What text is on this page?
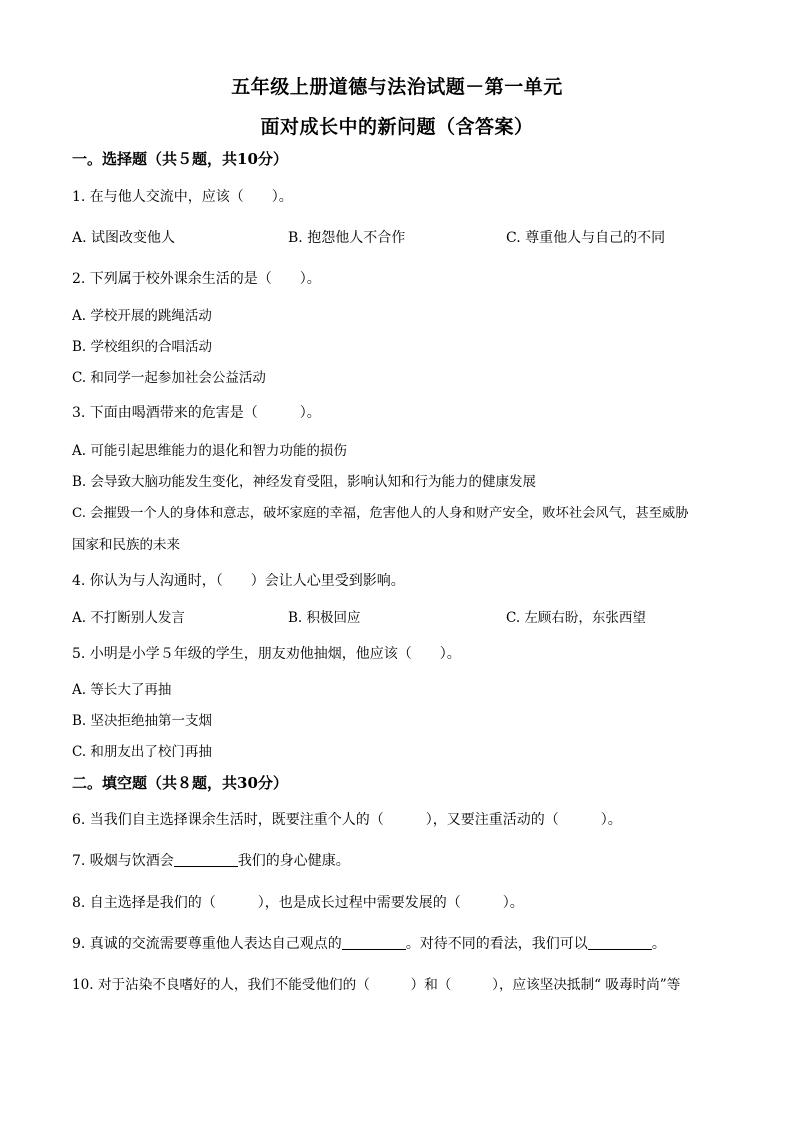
五年级上册道德与法治试题－第一单元
面对成长中的新问题（含答案）
一。选择题（共５题，共10分）
1. 在与他人交流中，应该（　　）。
A. 试图改变他人	B. 抱怨他人不合作	C. 尊重他人与自己的不同
2. 下列属于校外课余生活的是（　　）。
A. 学校开展的跳绳活动
B. 学校组织的合唱活动
C. 和同学一起参加社会公益活动
3. 下面由喝酒带来的危害是（　　　）。
A. 可能引起思维能力的退化和智力功能的损伤
B. 会导致大脑功能发生变化，神经发育受阻，影响认知和行为能力的健康发展
C. 会摧毁一个人的身体和意志，破坏家庭的幸福，危害他人的人身和财产安全，败坏社会风气，甚至威胁
国家和民族的未来
4. 你认为与人沟通时，（　　）会让人心里受到影响。
A. 不打断别人发言	B. 积极回应	C. 左顾右盼，东张西望
5. 小明是小学５年级的学生，朋友劝他抽烟，他应该（　　）。
A. 等长大了再抽
B. 坚决拒绝抽第一支烟
C. 和朋友出了校门再抽
二。填空题（共８题，共30分）
6. 当我们自主选择课余生活时，既要注重个人的（　　　），又要注重活动的（　　　）。
7. 吸烟与饮酒会	我们的身心健康。
8. 自主选择是我们的（　　　），也是成长过程中需要发展的（　　　）。
9. 真诚的交流需要尊重他人表达自己观点的	。对待不同的看法，我们可以	。
10. 对于沾染不良嗜好的人，我们不能受他们的（　　　）和（　　　），应该坚决抵制“ 吸毒时尚”等
